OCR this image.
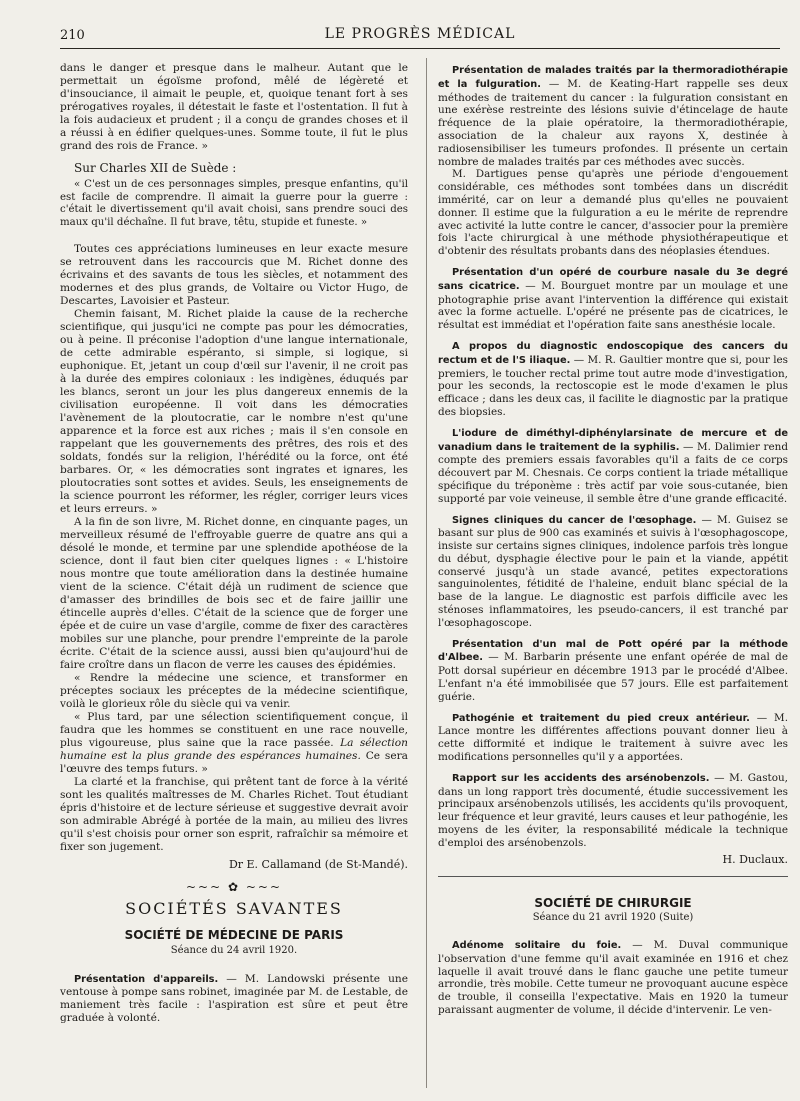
210	LE PROGRÈS MÉDICAL

dans le danger et presque dans le malheur. Autant que le permettait un égoïsme profond, mêlé de légèreté et d'insouciance, il aimait le peuple, et, quoique tenant fort à ses prérogatives royales, il détestait le faste et l'ostentation. Il fut à la fois audacieux et prudent ; il a conçu de grandes choses et il a réussi à en édifier quelques-unes. Somme toute, il fut le plus grand des rois de France. »

Sur Charles XII de Suède :

« C'est un de ces personnages simples, presque enfantins, qu'il est facile de comprendre. Il aimait la guerre pour la guerre : c'était le divertissement qu'il avait choisi, sans prendre souci des maux qu'il déchaîne. Il fut brave, têtu, stupide et funeste. »

Toutes ces appréciations lumineuses en leur exacte mesure se retrouvent dans les raccourcis que M. Richet donne des écrivains et des savants de tous les siècles, et notamment des modernes et des plus grands, de Voltaire ou Victor Hugo, de Descartes, Lavoisier et Pasteur.

Chemin faisant, M. Richet plaide la cause de la recherche scientifique, qui jusqu'ici ne compte pas pour les démocraties, ou à peine. Il préconise l'adoption d'une langue internationale, de cette admirable espéranto, si simple, si logique, si euphonique. Et, jetant un coup d'œil sur l'avenir, il ne croit pas à la durée des empires coloniaux : les indigènes, éduqués par les blancs, seront un jour les plus dangereux ennemis de la civilisation européenne. Il voit dans les démocraties l'avènement de la ploutocratie, car le nombre n'est qu'une apparence et la force est aux riches ; mais il s'en console en rappelant que les gouvernements des prêtres, des rois et des soldats, fondés sur la religion, l'hérédité ou la force, ont été barbares. Or, « les démocraties sont ingrates et ignares, les ploutocraties sont sottes et avides. Seuls, les enseignements de la science pourront les réformer, les régler, corriger leurs vices et leurs erreurs. »

A la fin de son livre, M. Richet donne, en cinquante pages, un merveilleux résumé de l'effroyable guerre de quatre ans qui a désolé le monde, et termine par une splendide apothéose de la science, dont il faut bien citer quelques lignes : « L'histoire nous montre que toute amélioration dans la destinée humaine vient de la science. C'était déjà un rudiment de science que d'amasser des brindilles de bois sec et de faire jaillir une étincelle auprès d'elles. C'était de la science que de forger une épée et de cuire un vase d'argile, comme de fixer des caractères mobiles sur une planche, pour prendre l'empreinte de la parole écrite. C'était de la science aussi, aussi bien qu'aujourd'hui de faire croître dans un flacon de verre les causes des épidémies.

« Rendre la médecine une science, et transformer en préceptes sociaux les préceptes de la médecine scientifique, voilà le glorieux rôle du siècle qui va venir.

« Plus tard, par une sélection scientifiquement conçue, il faudra que les hommes se constituent en une race nouvelle, plus vigoureuse, plus saine que la race passée. La sélection humaine est la plus grande des espérances humaines. Ce sera l'œuvre des temps futurs. »

La clarté et la franchise, qui prêtent tant de force à la vérité sont les qualités maîtresses de M. Charles Richet. Tout étudiant épris d'histoire et de lecture sérieuse et suggestive devrait avoir son admirable Abrégé à portée de la main, au milieu des livres qu'il s'est choisis pour orner son esprit, rafraîchir sa mémoire et fixer son jugement.

Dr E. Callamand (de St-Mandé).

~~~ ✿ ~~~
SOCIÉTÉS SAVANTES
SOCIÉTÉ DE MÉDECINE DE PARIS
Séance du 24 avril 1920.

Présentation d'appareils. — M. Landowski présente une ventouse à pompe sans robinet, imaginée par M. de Lestable, de maniement très facile : l'aspiration est sûre et peut être graduée à volonté.

Présentation de malades traités par la thermoradiothérapie et la fulguration. — M. de Keating-Hart rappelle ses deux méthodes de traitement du cancer : la fulguration consistant en une exérèse restreinte des lésions suivie d'étincelage de haute fréquence de la plaie opératoire, la thermoradiothérapie, association de la chaleur aux rayons X, destinée à radiosensibiliser les tumeurs profondes. Il présente un certain nombre de malades traités par ces méthodes avec succès.

M. Dartigues pense qu'après une période d'engouement considérable, ces méthodes sont tombées dans un discrédit immérité, car on leur a demandé plus qu'elles ne pouvaient donner. Il estime que la fulguration a eu le mérite de reprendre avec activité la lutte contre le cancer, d'associer pour la première fois l'acte chirurgical à une méthode physiothérapeutique et d'obtenir des résultats probants dans des néoplasies étendues.

Présentation d'un opéré de courbure nasale du 3e degré sans cicatrice. — M. Bourguet montre par un moulage et une photographie prise avant l'intervention la différence qui existait avec la forme actuelle. L'opéré ne présente pas de cicatrices, le résultat est immédiat et l'opération faite sans anesthésie locale.

A propos du diagnostic endoscopique des cancers du rectum et de l'S iliaque. — M. R. Gaultier montre que si, pour les premiers, le toucher rectal prime tout autre mode d'investigation, pour les seconds, la rectoscopie est le mode d'examen le plus efficace ; dans les deux cas, il facilite le diagnostic par la pratique des biopsies.

L'iodure de diméthyl-diphénylarsinate de mercure et de vanadium dans le traitement de la syphilis. — M. Dalimier rend compte des premiers essais favorables qu'il a faits de ce corps découvert par M. Chesnais. Ce corps contient la triade métallique spécifique du tréponème : très actif par voie sous-cutanée, bien supporté par voie veineuse, il semble être d'une grande efficacité.

Signes cliniques du cancer de l'œsophage. — M. Guisez se basant sur plus de 900 cas examinés et suivis à l'œsophagoscope, insiste sur certains signes cliniques, indolence parfois très longue du début, dysphagie élective pour le pain et la viande, appétit conservé jusqu'à un stade avancé, petites expectorations sanguinolentes, fétidité de l'haleine, enduit blanc spécial de la base de la langue. Le diagnostic est parfois difficile avec les sténoses inflammatoires, les pseudo-cancers, il est tranché par l'œsophagoscope.

Présentation d'un mal de Pott opéré par la méthode d'Albee. — M. Barbarin présente une enfant opérée de mal de Pott dorsal supérieur en décembre 1913 par le procédé d'Albee. L'enfant n'a été immobilisée que 57 jours. Elle est parfaitement guérie.

Pathogénie et traitement du pied creux antérieur. — M. Lance montre les différentes affections pouvant donner lieu à cette difformité et indique le traitement à suivre avec les modifications personnelles qu'il y a apportées.

Rapport sur les accidents des arsénobenzols. — M. Gastou, dans un long rapport très documenté, étudie successivement les principaux arsénobenzols utilisés, les accidents qu'ils provoquent, leur fréquence et leur gravité, leurs causes et leur pathogénie, les moyens de les éviter, la responsabilité médicale la technique d'emploi des arsénobenzols.

H. Duclaux.

SOCIÉTÉ DE CHIRURGIE
Séance du 21 avril 1920 (Suite)

Adénome solitaire du foie. — M. Duval communique l'observation d'une femme qu'il avait examinée en 1916 et chez laquelle il avait trouvé dans le flanc gauche une petite tumeur arrondie, très mobile. Cette tumeur ne provoquant aucune espèce de trouble, il conseilla l'expectative. Mais en 1920 la tumeur paraissant augmenter de volume, il décide d'intervenir. Le ven-
